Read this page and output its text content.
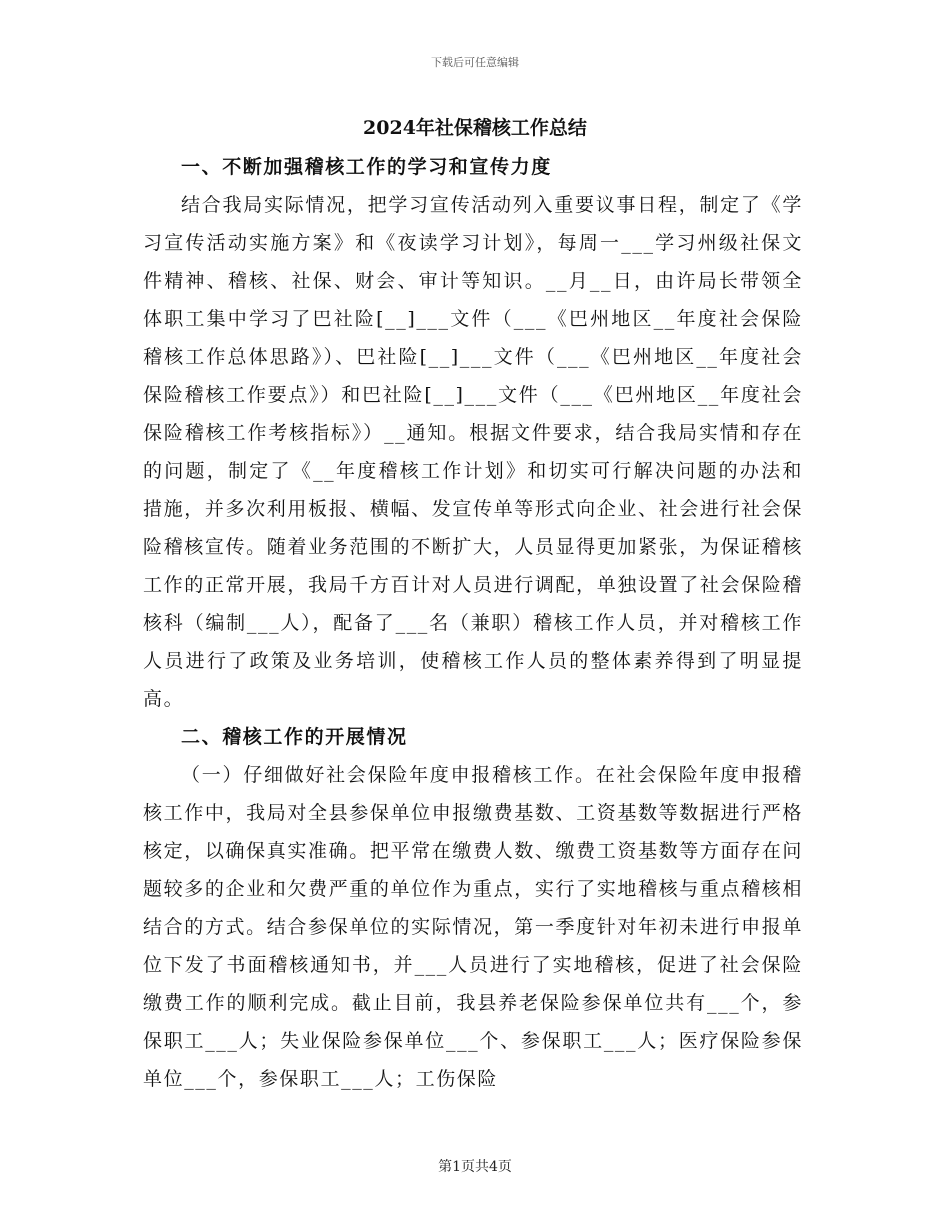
下载后可任意编辑
2024年社保稽核工作总结

一、不断加强稽核工作的学习和宣传力度

结合我局实际情况，把学习宣传活动列入重要议事日程，制定了《学习宣传活动实施方案》和《夜读学习计划》，每周一___学习州级社保文件精神、稽核、社保、财会、审计等知识。__月__日，由许局长带领全体职工集中学习了巴社险[__]___文件（___《巴州地区__年度社会保险稽核工作总体思路》）、巴社险[__]___文件（___《巴州地区__年度社会保险稽核工作要点》）和巴社险[__]___文件（___《巴州地区__年度社会保险稽核工作考核指标》）__通知。根据文件要求，结合我局实情和存在的问题，制定了《__年度稽核工作计划》和切实可行解决问题的办法和措施，并多次利用板报、横幅、发宣传单等形式向企业、社会进行社会保险稽核宣传。随着业务范围的不断扩大，人员显得更加紧张，为保证稽核工作的正常开展，我局千方百计对人员进行调配，单独设置了社会保险稽核科（编制___人），配备了___名（兼职）稽核工作人员，并对稽核工作人员进行了政策及业务培训，使稽核工作人员的整体素养得到了明显提高。

二、稽核工作的开展情况

（一）仔细做好社会保险年度申报稽核工作。在社会保险年度申报稽核工作中，我局对全县参保单位申报缴费基数、工资基数等数据进行严格核定，以确保真实准确。把平常在缴费人数、缴费工资基数等方面存在问题较多的企业和欠费严重的单位作为重点，实行了实地稽核与重点稽核相结合的方式。结合参保单位的实际情况，第一季度针对年初未进行申报单位下发了书面稽核通知书，并___人员进行了实地稽核，促进了社会保险缴费工作的顺利完成。截止目前，我县养老保险参保单位共有___个，参保职工___人；失业保险参保单位___个、参保职工___人；医疗保险参保单位___个，参保职工___人；工伤保险

第1页共4页
